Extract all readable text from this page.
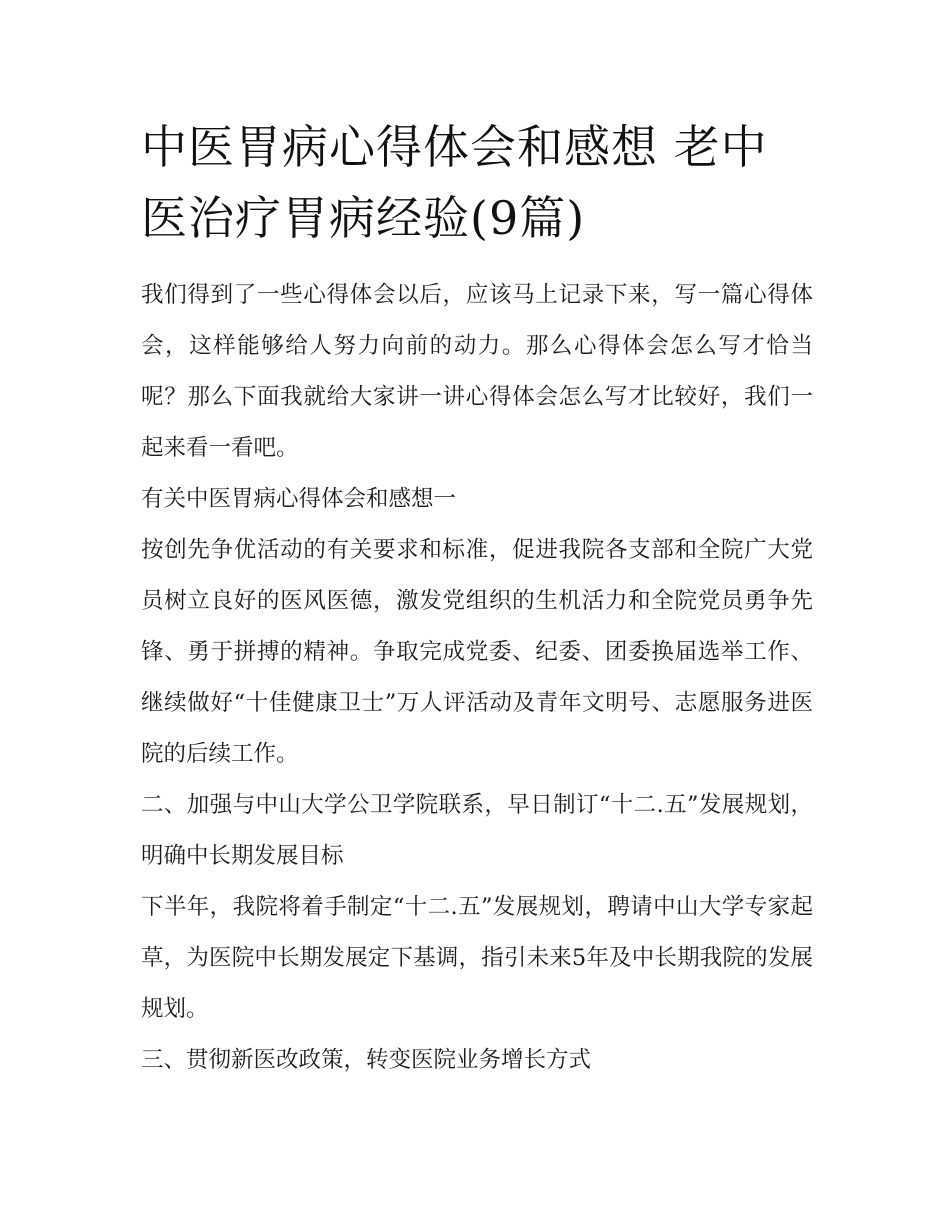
中医胃病心得体会和感想 老中医治疗胃病经验(9篇)

我们得到了一些心得体会以后，应该马上记录下来，写一篇心得体会，这样能够给人努力向前的动力。那么心得体会怎么写才恰当呢？那么下面我就给大家讲一讲心得体会怎么写才比较好，我们一起来看一看吧。

有关中医胃病心得体会和感想一

按创先争优活动的有关要求和标准，促进我院各支部和全院广大党员树立良好的医风医德，激发党组织的生机活力和全院党员勇争先锋、勇于拼搏的精神。争取完成党委、纪委、团委换届选举工作、继续做好“十佳健康卫士”万人评活动及青年文明号、志愿服务进医院的后续工作。

二、加强与中山大学公卫学院联系，早日制订“十二.五”发展规划，明确中长期发展目标

下半年，我院将着手制定“十二.五”发展规划，聘请中山大学专家起草，为医院中长期发展定下基调，指引未来5年及中长期我院的发展规划。

三、贯彻新医改政策，转变医院业务增长方式
